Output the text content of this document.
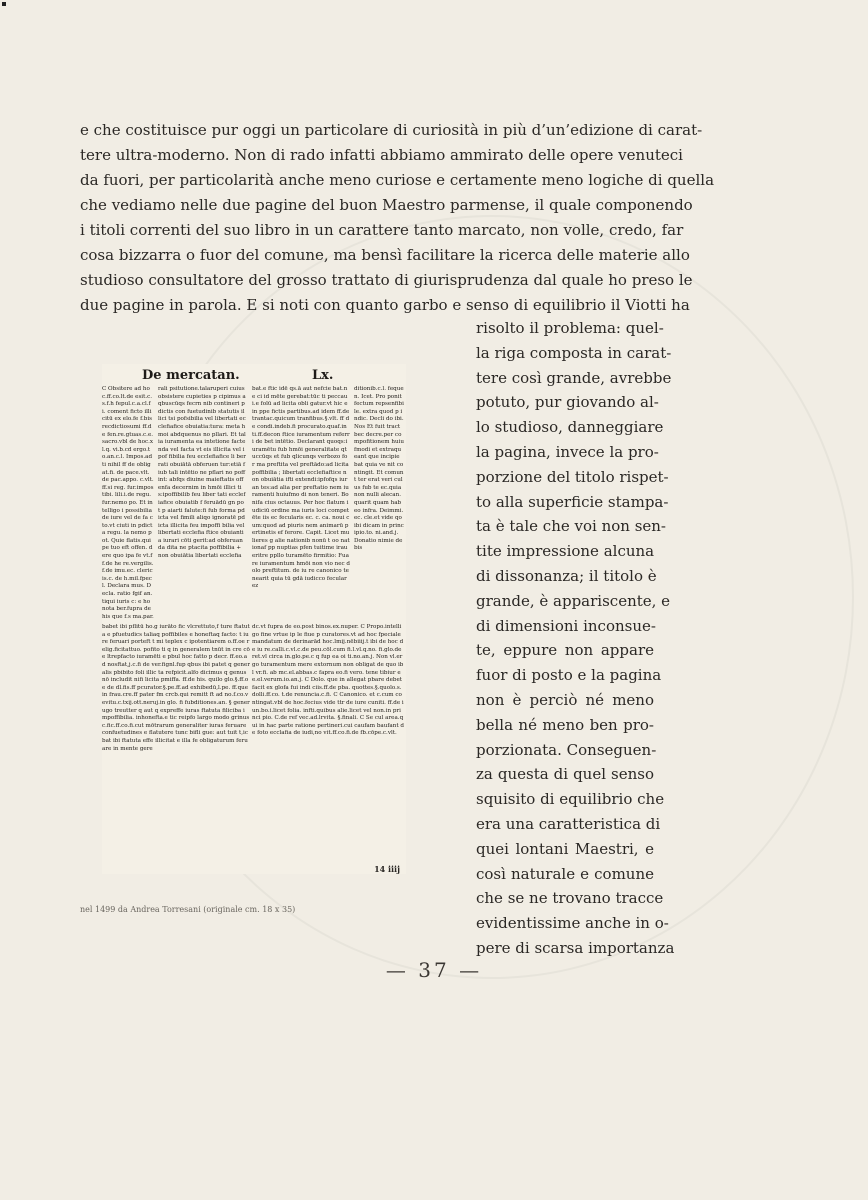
e che costituisce pur oggi un particolare di curiosità in più d’un’edizione di carat-
tere ultra-moderno. Non di rado infatti abbiamo ammirato delle opere venuteci
da fuori, per particolarità anche meno curiose e certamente meno logiche di quella
che vediamo nelle due pagine del buon Maestro parmense, il quale componendo
i titoli correnti del suo libro in un carattere tanto marcato, non volle, credo, far
cosa bizzarra o fuor del comune, ma bensì facilitare la ricerca delle materie allo
studioso consultatore del grosso trattato di giurisprudenza dal quale ho preso le
due pagine in parola. E si noti con quanto garbo e senso di equilibrio il Viotti ha
risolto il problema: quel-
la riga composta in carat-
tere così grande, avrebbe
potuto, pur giovando al-
lo studioso, danneggiare
la pagina, invece la pro-
porzione del titolo rispet-
to alla superficie stampa-
ta è tale che voi non sen-
tite impressione alcuna
di dissonanza; il titolo è
grande, è appariscente, e
di dimensioni inconsue-
te, eppure non appare
fuor di posto e la pagina
non è perciò né meno
bella né meno ben pro-
porzionata. Conseguen-
za questa di quel senso
squisito di equilibrio che
era una caratteristica di
quei lontani Maestri, e
così naturale e comune
che se ne trovano tracce
evidentissime anche in o-
pere di scarsa importanza
De mercatan.	Lx.
C Obsitere ad hoc.ff.co.lt.de esit.c.s.f.h fepul.c.a.cl.fi. coment ficto illicitū ex elo.fe f.bis recdictiosumi ff.de fen.re.gtuas.c.e.sacro.vbl de hoc.xl.q. vi.b.cd ergo.to.an.c.l. Impos.ad ti nihil ff de obligat.fi. de pace.vlt. de pac.appo. c.vlt.ff.si reg. fur.impostibi. lili.i.de regu. fur.nemo po. Et intelligo i possibilia de iure vel de fa cto.vt ciuti in pdicta regu. la nemo pot. Quie flatis.qui pe tuo eft offen. dere quo ipa fe vt.ff.de he re.vergilis. f.de imu.ec. clericis.c. de h.mil.fpecl. Declara mus. Decla. ratio fgif an. tiqui iuris c: e ho nota ber.fupra de his que f.s ma.par.
rali psitutione.talaruperi cuius obsistere cupieties p cipimus a qbuscūqs fecrn nib contineri pdictis con fuetudinib statutis illici tsi pofsibilia vel libertati ecclefiafice obuiatia:tura: meta hmoi abdquenus no pllari. Et talia iuramenta ea intetione factenda vel facta vt eis illicita vel ipof fibilia feu ecclefiafice li berrati obuiātā obferuen tur:etiā fiub tali intētio ne pflari no poffint: abfqs diuine maieftatis offenfa decernim in hmōi illici tis:ipoffibilib feu liber tati ecclefiafice obuiatib f feruādū gn pot p aiarti falute:fi fub forma pdicta vel fimili aliqo ignoratē pdicta illicita feu impoffi bilia vel libertati ecclefia ftice obuiantia iurari cōti gerit:ad obferuanda dita ne ptacita poffibilia + non obuiātia libertati ecclefia
bat.e ftic idē qs.ā aut nefcie bat.ne ci id mēte gerebat:tūc ti peccaui.e folū ad licita obli gatur.vt hic e in ppe fictis partibus.ad idem ff.de trantac.quicum tranfibus.§.vlt. ff de condi.indeb.fi procurato.quaf.in ti.ff.decon ftice iuramentum referri de bet intētio. Declarant quoqs:iuramētu fub hmōi generalitate qtuccūqs et fub qlicunqs verbozo for ma preftita vel preftādo:ad licita poffibilia ; libertati ecclefiaftice non obuiātia ifti extendi:ipfofqs iuran tes:ad alia per preftatio nem iuramenti huiufmo di non teneri. Bonifa cius octauus. Per hoc flatum iudiciū ordine ma iuris loci competēte iis ec fecularis ec. c. ca. noui cum:quod ad piuris nem animarū pertinetis ef ferore. Capit. Licet mulieres g alie nationib nonū t oo nationaf pp nuptias pfen tuitime iraueritre ppllo turamēto firmitio: Fuare iuramentum hmōi non vio nec dolo preftitum. de iu re canonico tenearit quia tū gdā iudicco fecularez
ditionib.c.l. fequen. Icet. Pro ponit fectum repsenfibile. extra quod p indic. Decli do ibi. Nos Et fuit tract bec decre.per compofitionem huiufmodi et extraqueant que incipie bat quia ve nit contingit. Et comunt ter erat veri culus fub te ec.quia non nulli alecan. quarit quam habeo infra. Deimmi. ec. cle.et vide qo ibi dicam in principio.to. ni.and.j. Donatio nimie de bis
babet ibi pflitū ho.g iurāto fic vlcrettuto,f ture ftatuta e pfuetudics taliaq poffibiles e honeftaq facto: t iure feruari porteft t mi teplex c ipotentiarem o.ff.oe relig.ficitattuo. pofito ti q in generalem tnūt in cre cōe ltrepfacto iuramēti e pbul hoc fatto p decr. ff.eo.ad nosftat,j.c.fi de ver.fignl.fup qbus ibi patet q generalis pbibito foli illic ta refpicit.alfo dicimus q genus nō includit nifi licita pmiffa. ff.de his. quilo glo.§.ff.oe de dl.fis.ff pcurator.§.pe.ff.ad exhibedū,l.pe. ff.que in frau.cre.ff pater fm crcb.qui remitt ft ad no.f.co.vevitu.c.txij.ott.neruj.in glo. fi fubditiones.an. § generugo treutter q aut q expreffe iuras ftatuta filiciba impoffibilia. inhonefta.e tic reipfo largo modo grinus c.fic.ff.co.fi.cut mōtrarum generaliter iuras feruare confuetudines e flatutere tunc bifli gue: aut tuit t,icbat ibi ftatuta effe illicitat e illa fe obligaturum feruare in mente gere
dc.vt fupra de eo.post binos.ex.nuper. C Propo.intelligo fine vrtue ip le fiue p curatores.vt ad hoc fpeciale mandatum de derinarād hoc.lmij.nēbiiij.t ibi de hoc de iu re.calli.c.vl.c.de peu.cōl.cum fi.l.vl.q.no. fi.glo.de ret.vl circa in.glo.pe.c q fup ea oi ti.no.an.j. Non vl.ergo turamentum mere extornum non obligat de quo ibl vr.fi. ab mc.el.abbas.c fapra eo.fi vero. tene tibiur ee.el.verum.io.an.j. C Dolo. que in allegat pbare debet facit ex glofa fui indi ciis.ff.de pba. quottes.§.quolo.s.dolli.ff.co. t.de renuncia.c.fi. C Canonico. et c.cum contingat.vbl de hoc.fecius vide ttr de iure cuniti. ff.de iun.bo.i.licet folia. infti.quibus alie.licet vel non.in princi pio. C.de ref vec.ad.lrvita. §.finali. C Se cul area.qui in hac parte ratione pertineri.cui caufam baufant de foto ecclafia de iudi,no vit.ff.co.fi.de fb.cōpe.c.vlt.
14 iiij
nel 1499 da Andrea Torresani (originale cm. 18 x 35)
— 37 —
